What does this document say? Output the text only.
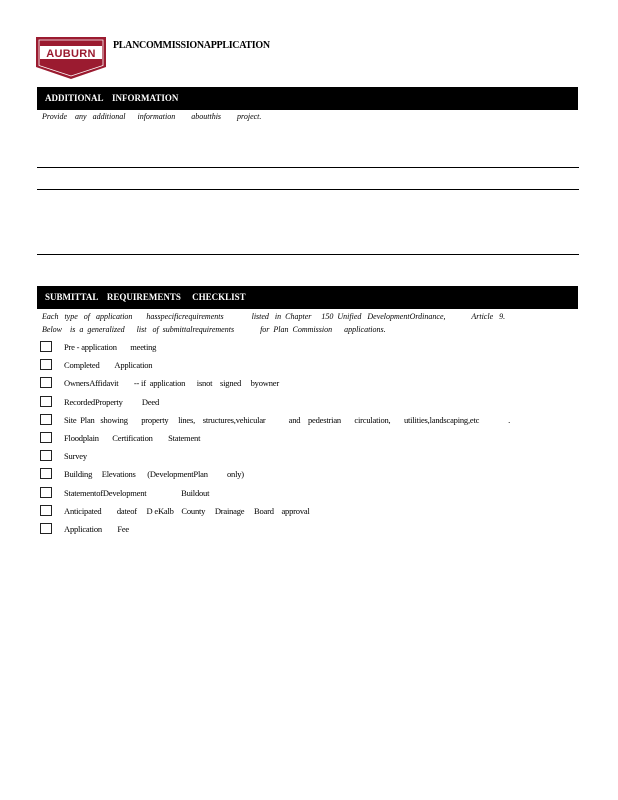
AUBURN
PLANCOMMISSIONAPPLICATION
ADDITIONAL    INFORMATION
Provide    any   additional      information        aboutthis        project.
SUBMITTAL    REQUIREMENTS     CHECKLIST
Each   type   of   application       hasspecificrequirements              listed   in  Chapter     150  Unified   DevelopmentOrdinance,             Article   9.
Below    is  a  generalized      list   of  submittalrequirements             for  Plan  Commission      applications.
Pre - application       meeting
Completed        Application
OwnersAffidavit        -- if  application      isnot    signed     byowner
RecordedProperty          Deed
Site  Plan   showing       property     lines,    structures,vehicular            and    pedestrian       circulation,       utilities,landscaping,etc               .
Floodplain       Certification        Statement
Survey
Building     Elevations      (DevelopmentPlan          only)
StatementofDevelopment                  Buildout
Anticipated        dateof     D eKalb    County     Drainage     Board    approval
Application        Fee
